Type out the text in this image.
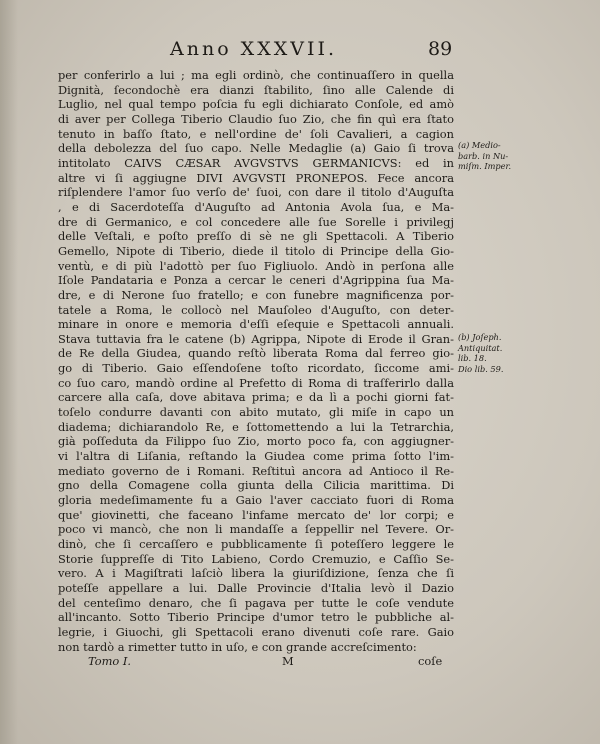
Anno XXXVII.	89
per conferirlo a lui ; ma egli ordinò, che continuaſſero in quella
Dignità, ſecondochè era dianzi ſtabilito, ſino alle Calende di
Luglio, nel qual tempo poſcia fu egli dichiarato Conſole, ed amò
di aver per Collega Tiberio Claudio ſuo Zio, che fin quì era ſtato
tenuto in baſſo ſtato, e nell'ordine de' ſoli Cavalieri, a cagion
della debolezza del ſuo capo. Nelle Medaglie (a) Gaio ſi trova
intitolato CAIVS CÆSAR AVGVSTVS GERMANICVS: ed in
altre vi ſi aggiugne DIVI AVGVSTI PRONEPOS. Fece ancora
riſplendere l'amor ſuo verſo de' ſuoi, con dare il titolo d'Auguſta
, e di Sacerdoteſſa d'Auguſto ad Antonia Avola ſua, e Ma-
dre di Germanico, e col concedere alle ſue Sorelle i privilegj
delle Veſtali, e poſto preſſo di sè ne gli Spettacoli. A Tiberio
Gemello, Nipote di Tiberio, diede il titolo di Principe della Gio-
ventù, e di più l'adottò per ſuo Figliuolo. Andò in perſona alle
Iſole Pandataria e Ponza a cercar le ceneri d'Agrippina ſua Ma-
dre, e di Nerone ſuo fratello; e con funebre magnificenza por-
tatele a Roma, le collocò nel Mauſoleo d'Auguſto, con deter-
minare in onore e memoria d'eſſi eſequie e Spettacoli annuali.
Stava tuttavia fra le catene (b) Agrippa, Nipote di Erode il Gran-
de Re della Giudea, quando reſtò liberata Roma dal ferreo gio-
go di Tiberio. Gaio eſſendoſene toſto ricordato, ſiccome ami-
co ſuo caro, mandò ordine al Prefetto di Roma di traſferirlo dalla
carcere alla caſa, dove abitava prima; e da lì a pochi giorni fat-
toſelo condurre davanti con abito mutato, gli miſe in capo un
diadema; dichiarandolo Re, e ſottomettendo a lui la Tetrarchia,
già poſſeduta da Filippo ſuo Zio, morto poco fa, con aggiugner-
vi l'altra di Liſania, reſtando la Giudea come prima ſotto l'im-
mediato governo de i Romani. Reſtituì ancora ad Antioco il Re-
gno della Comagene colla giunta della Cilicia marittima. Di
gloria medeſimamente fu a Gaio l'aver cacciato fuori di Roma
que' giovinetti, che faceano l'infame mercato de' lor corpi; e
poco vi mancò, che non li mandaſſe a ſeppellir nel Tevere. Or-
dinò, che ſi cercaſſero e pubblicamente ſi poteſſero leggere le
Storie ſuppreſſe di Tito Labieno, Cordo Cremuzio, e Caſſio Se-
vero. A i Magiſtrati laſciò libera la giuriſdizione, ſenza che ſi
poteſſe appellare a lui. Dalle Provincie d'Italia levò il Dazio
del centeſimo denaro, che ſi pagava per tutte le coſe vendute
all'incanto. Sotto Tiberio Principe d'umor tetro le pubbliche al-
legrie, i Giuochi, gli Spettacoli erano divenuti coſe rare. Gaio
non tardò a rimetter tutto in uſo, e con grande accreſcimento:
(a) Medio-
barb. in Nu-
miſm. Imper.
(b) Joſeph.
Antiquitat.
lib. 18.
Dio lib. 59.
Tomo I.	M	coſe
